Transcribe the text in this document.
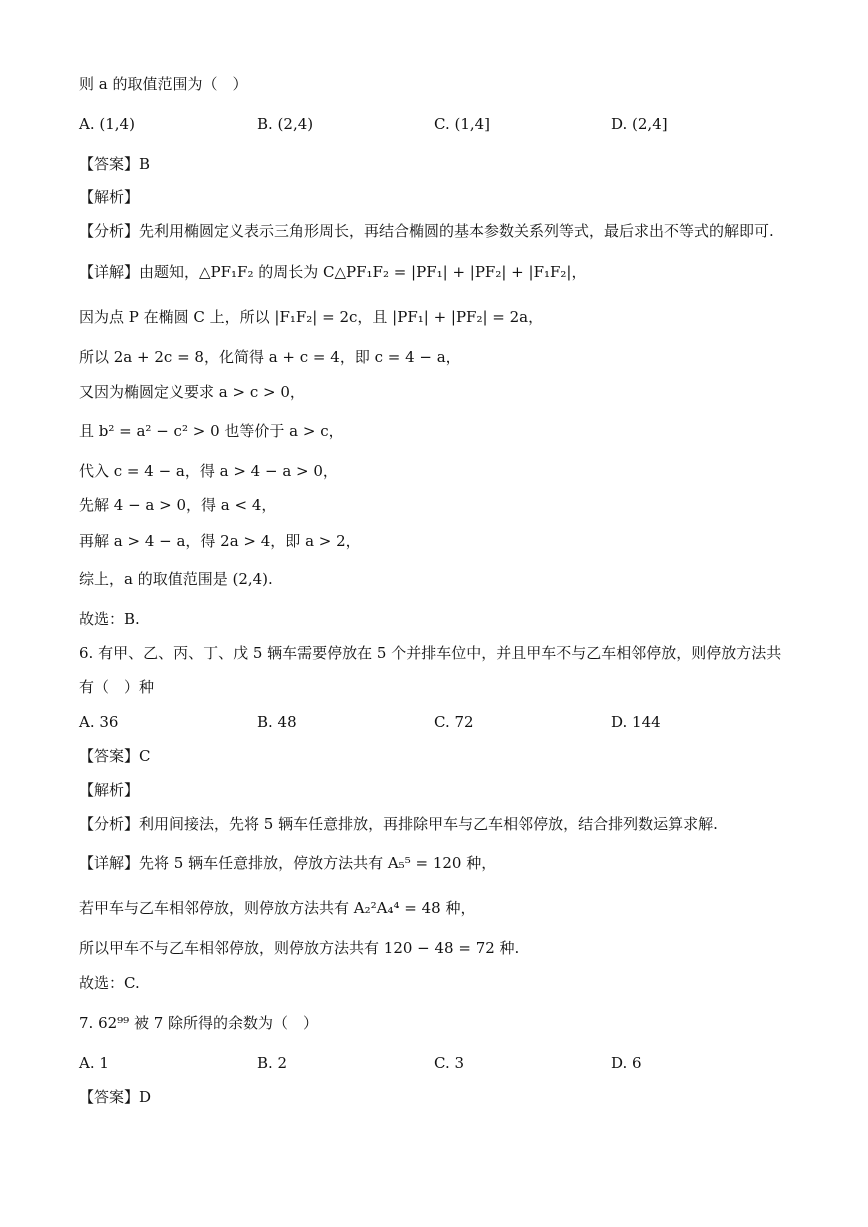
则 a 的取值范围为（　）
A. (1,4)	B. (2,4)	C. (1,4]	D. (2,4]
【答案】B
【解析】
【分析】先利用椭圆定义表示三角形周长，再结合椭圆的基本参数关系列等式，最后求出不等式的解即可.
【详解】由题知，△PF₁F₂ 的周长为 C△PF₁F₂ = |PF₁| + |PF₂| + |F₁F₂|，
因为点 P 在椭圆 C 上，所以 |F₁F₂| = 2c，且 |PF₁| + |PF₂| = 2a，
所以 2a + 2c = 8，化简得 a + c = 4，即 c = 4 − a，
又因为椭圆定义要求 a > c > 0，
且 b² = a² − c² > 0 也等价于 a > c，
代入 c = 4 − a，得 a > 4 − a > 0，
先解 4 − a > 0，得 a < 4，
再解 a > 4 − a，得 2a > 4，即 a > 2，
综上，a 的取值范围是 (2,4).
故选：B.
6. 有甲、乙、丙、丁、戊 5 辆车需要停放在 5 个并排车位中，并且甲车不与乙车相邻停放，则停放方法共
有（　）种
A. 36	B. 48	C. 72	D. 144
【答案】C
【解析】
【分析】利用间接法，先将 5 辆车任意排放，再排除甲车与乙车相邻停放，结合排列数运算求解.
【详解】先将 5 辆车任意排放，停放方法共有 A₅⁵ = 120 种，
若甲车与乙车相邻停放，则停放方法共有 A₂²A₄⁴ = 48 种，
所以甲车不与乙车相邻停放，则停放方法共有 120 − 48 = 72 种.
故选：C.
7. 62⁹⁹ 被 7 除所得的余数为（　）
A. 1	B. 2	C. 3	D. 6
【答案】D
